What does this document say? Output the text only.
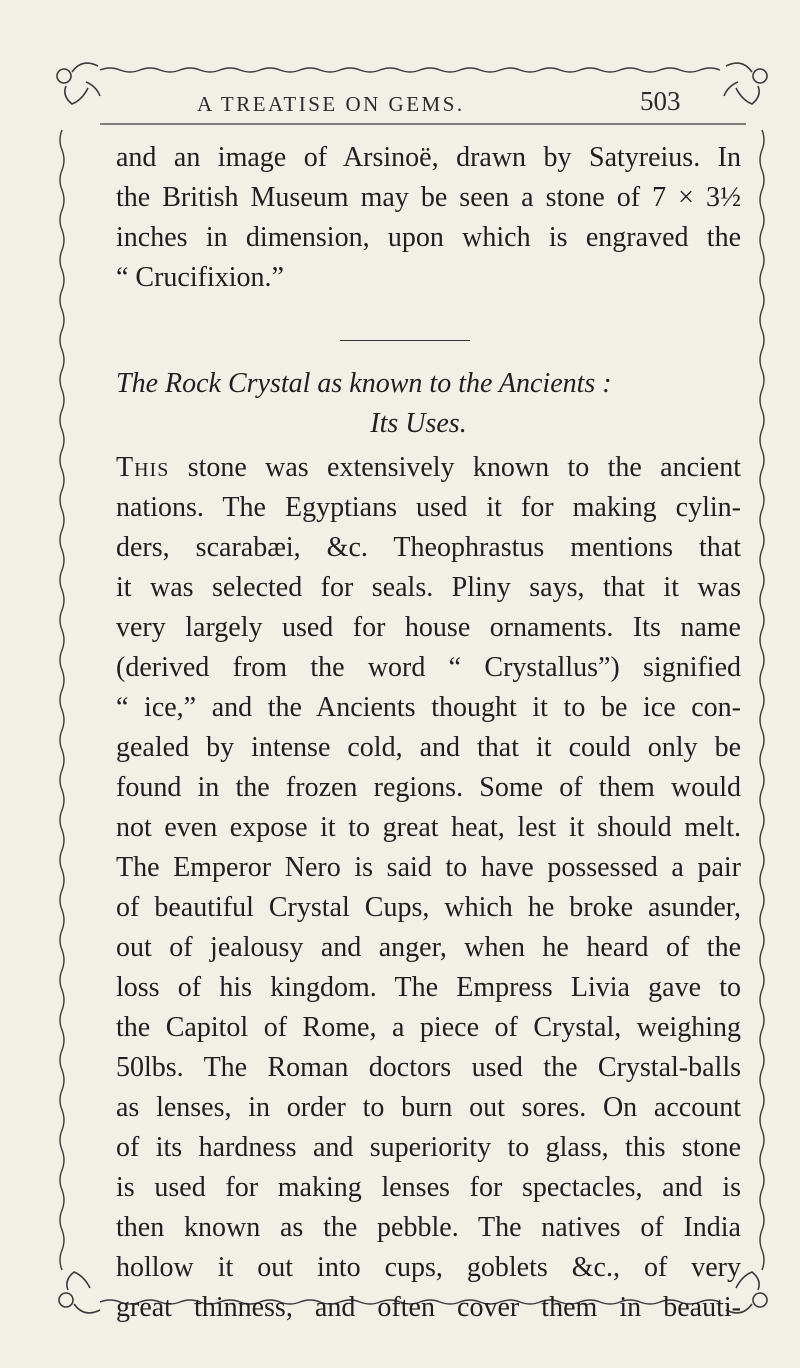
A TREATISE ON GEMS.	503
and an image of Arsinoë, drawn by Satyreius. In
the British Museum may be seen a stone of 7 × 3½
inches in dimension, upon which is engraved the
“ Crucifixion.”
The Rock Crystal as known to the Ancients :
Its Uses.
This stone was extensively known to the ancient
nations. The Egyptians used it for making cylin-
ders, scarabæi, &c. Theophrastus mentions that
it was selected for seals. Pliny says, that it was
very largely used for house ornaments. Its name
(derived from the word “ Crystallus”) signified
“ ice,” and the Ancients thought it to be ice con-
gealed by intense cold, and that it could only be
found in the frozen regions. Some of them would
not even expose it to great heat, lest it should melt.
The Emperor Nero is said to have possessed a pair
of beautiful Crystal Cups, which he broke asunder,
out of jealousy and anger, when he heard of the
loss of his kingdom. The Empress Livia gave to
the Capitol of Rome, a piece of Crystal, weighing
50lbs. The Roman doctors used the Crystal-balls
as lenses, in order to burn out sores. On account
of its hardness and superiority to glass, this stone
is used for making lenses for spectacles, and is
then known as the pebble. The natives of India
hollow it out into cups, goblets &c., of very
great thinness, and often cover them in beauti-
